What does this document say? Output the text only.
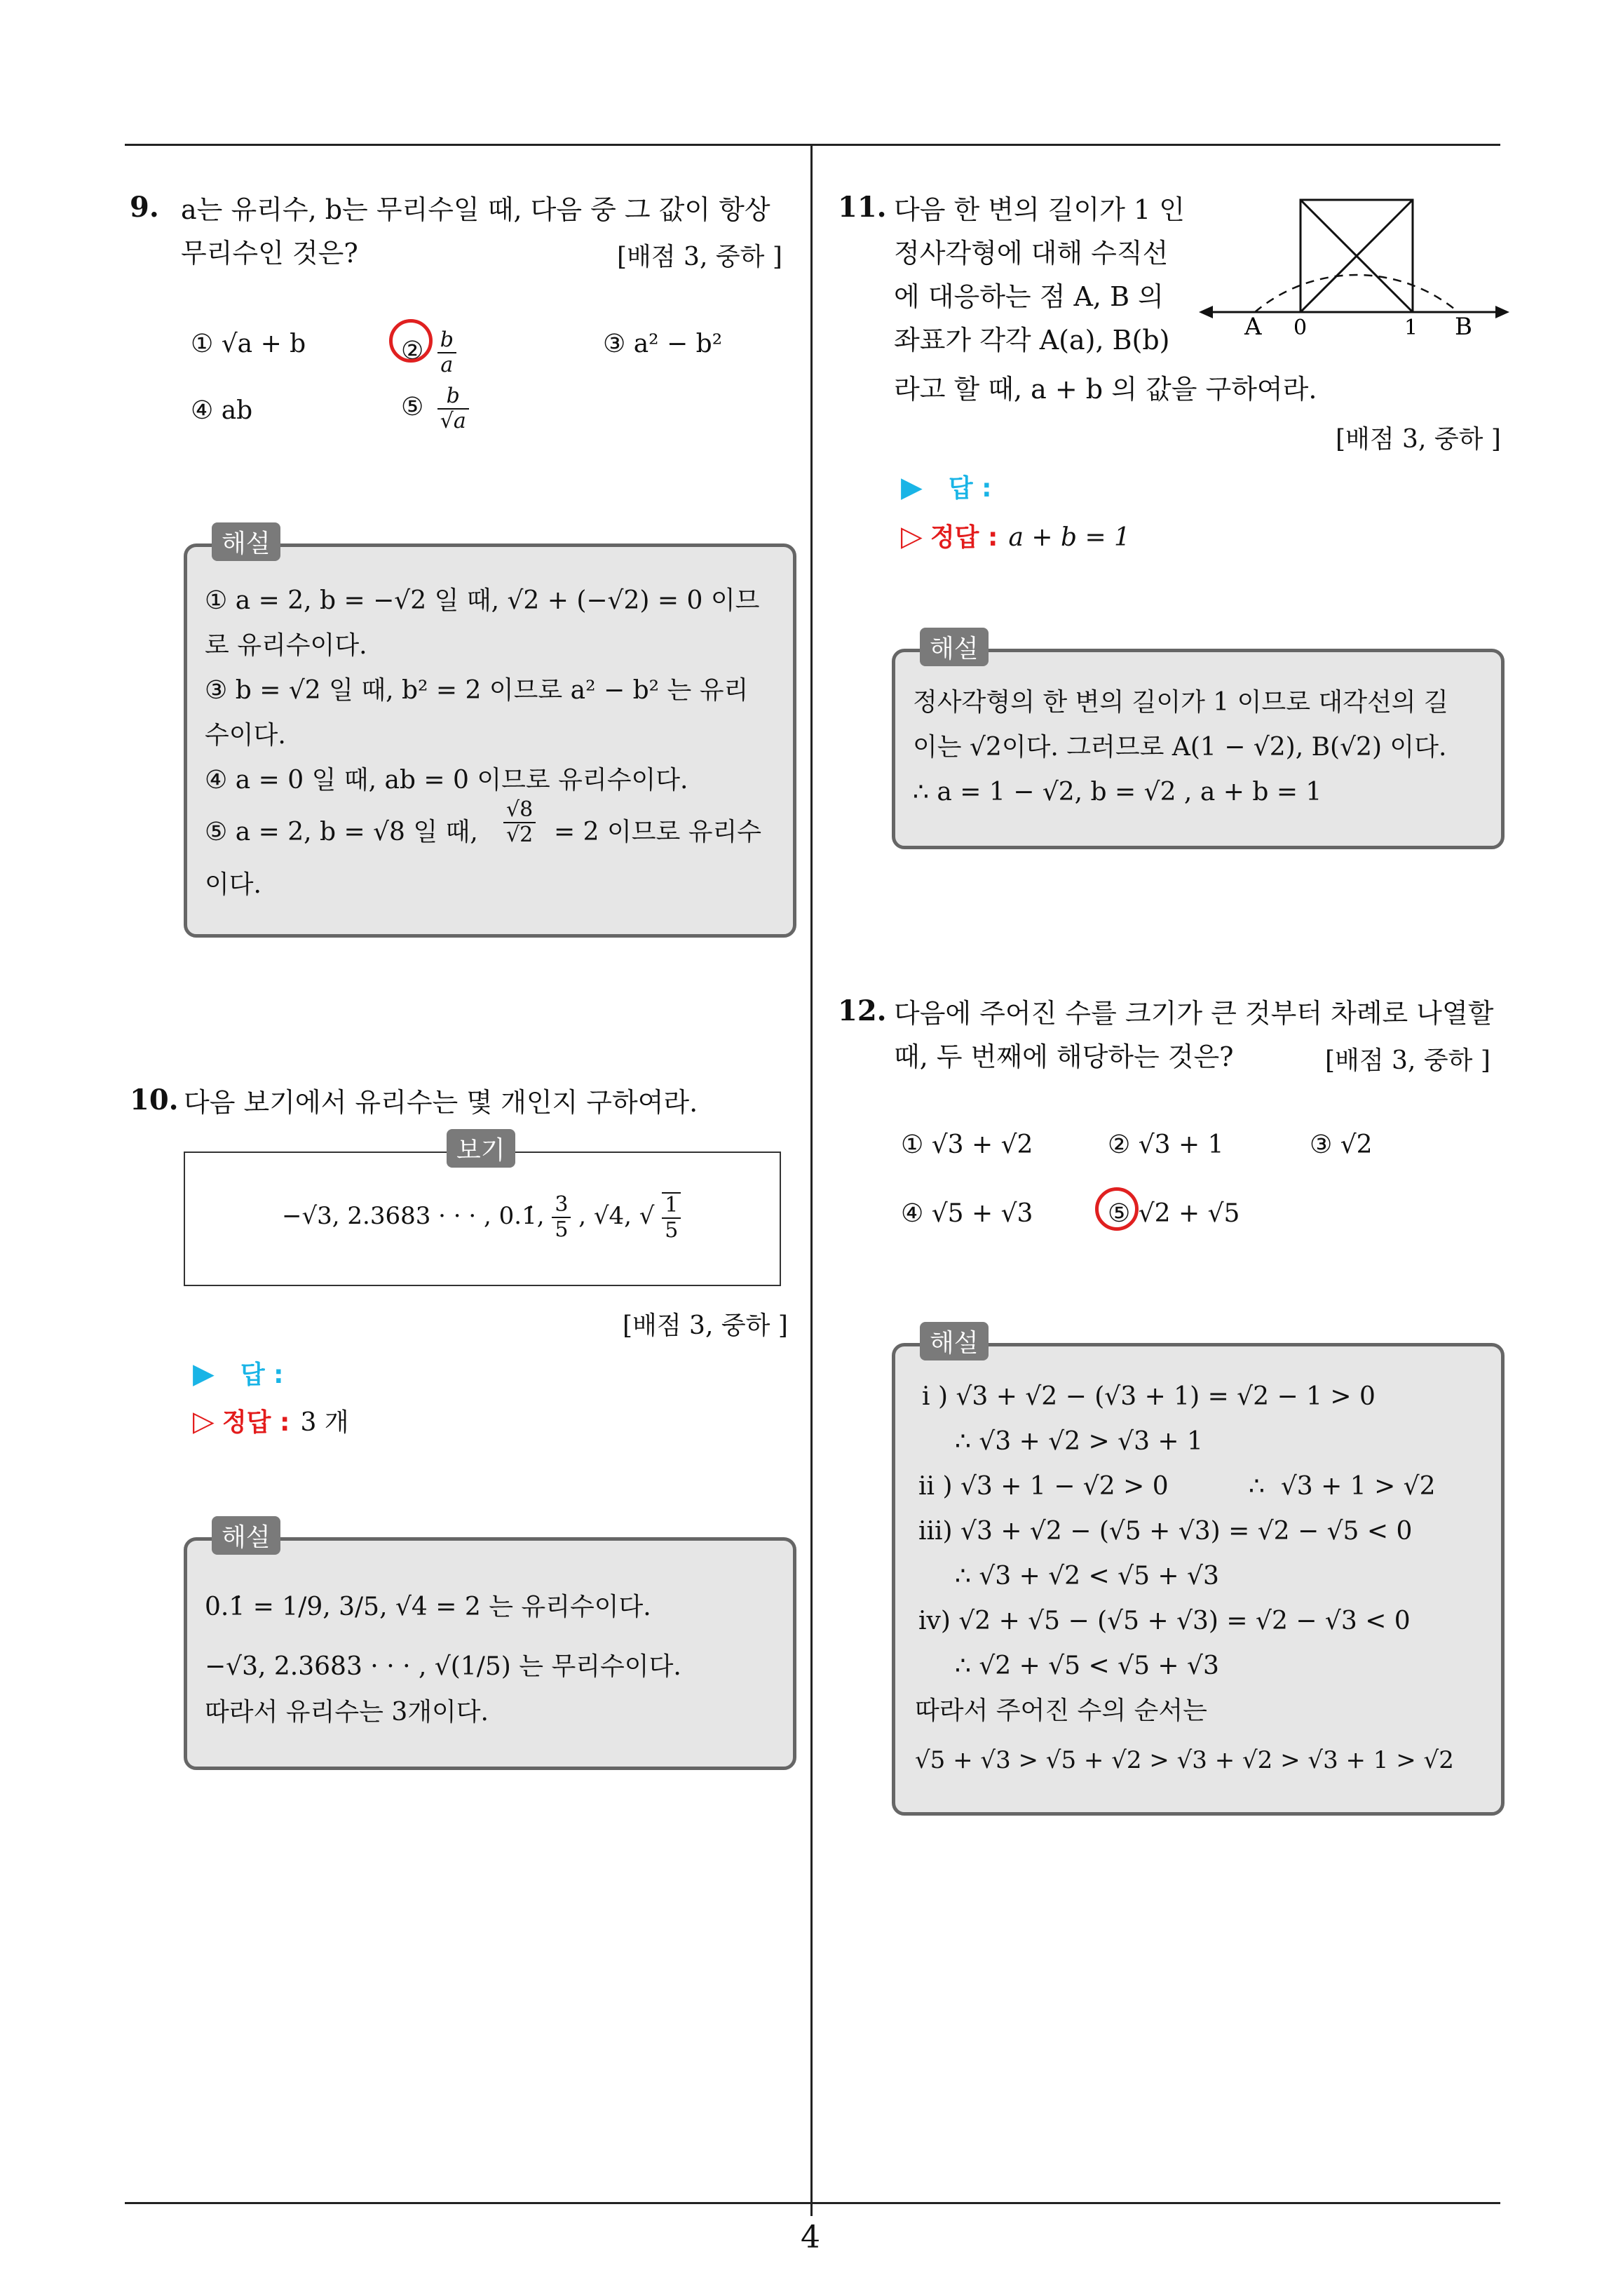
4
9. a는 유리수, b는 무리수일 때, 다음 중 그 값이 항상
무리수인 것은?	[배점 3, 중하 ]
① √a + b	② $\frac{b}{a}$	③ a² − b²
④ ab	⑤ $\frac{b}{√a}$
해설
① a = 2, b = −√2 일 때, √2 + (−√2) = 0 이므
로 유리수이다.
③ b = √2 일 때, b² = 2 이므로 a² − b² 는 유리
수이다.
④ a = 0 일 때, ab = 0 이므로 유리수이다.
⑤ a = 2, b = √8 일 때, $\frac{√8}{√2} = 2$ 이므로 유리수
이다.
10. 다음 보기에서 유리수는 몇 개인지 구하여라.
보기
−√3, 2.3683 · · · , 0.1̇, $\frac{3}{5}$ , √4, √ $\frac{1}{5}$
[배점 3, 중하 ]
▶ 답 :
▷ 정답 : 3 개
해설
0.1̇ = 1/9, 3/5, √4 = 2 는 유리수이다.
−√3, 2.3683 · · · , √(1/5) 는 무리수이다.
따라서 유리수는 3개이다.
11. 다음 한 변의 길이가 1 인
정사각형에 대해 수직선
에 대응하는 점 A, B 의
좌표가 각각 A(a), B(b)
라고 할 때, a + b 의 값을 구하여라.
[배점 3, 중하 ]
A 0	1 B
▶ 답 :
▷ 정답 : a + b = 1
해설
정사각형의 한 변의 길이가 1 이므로 대각선의 길
이는 √2이다. 그러므로 A(1 − √2), B(√2) 이다.
∴ a = 1 − √2, b = √2 , a + b = 1
12. 다음에 주어진 수를 크기가 큰 것부터 차례로 나열할
때, 두 번째에 해당하는 것은?	[배점 3, 중하 ]
① √3 + √2	② √3 + 1	③ √2
④ √5 + √3	⑤ √2 + √5
해설
i ) √3 + √2 − (√3 + 1) = √2 − 1 > 0
∴ √3 + √2 > √3 + 1
ii ) √3 + 1 − √2 > 0          ∴  √3 + 1 > √2
iii) √3 + √2 − (√5 + √3) = √2 − √5 < 0
∴ √3 + √2 < √5 + √3
iv) √2 + √5 − (√5 + √3) = √2 − √3 < 0
∴ √2 + √5 < √5 + √3
따라서 주어진 수의 순서는
√5 + √3 > √5 + √2 > √3 + √2 > √3 + 1 > √2
